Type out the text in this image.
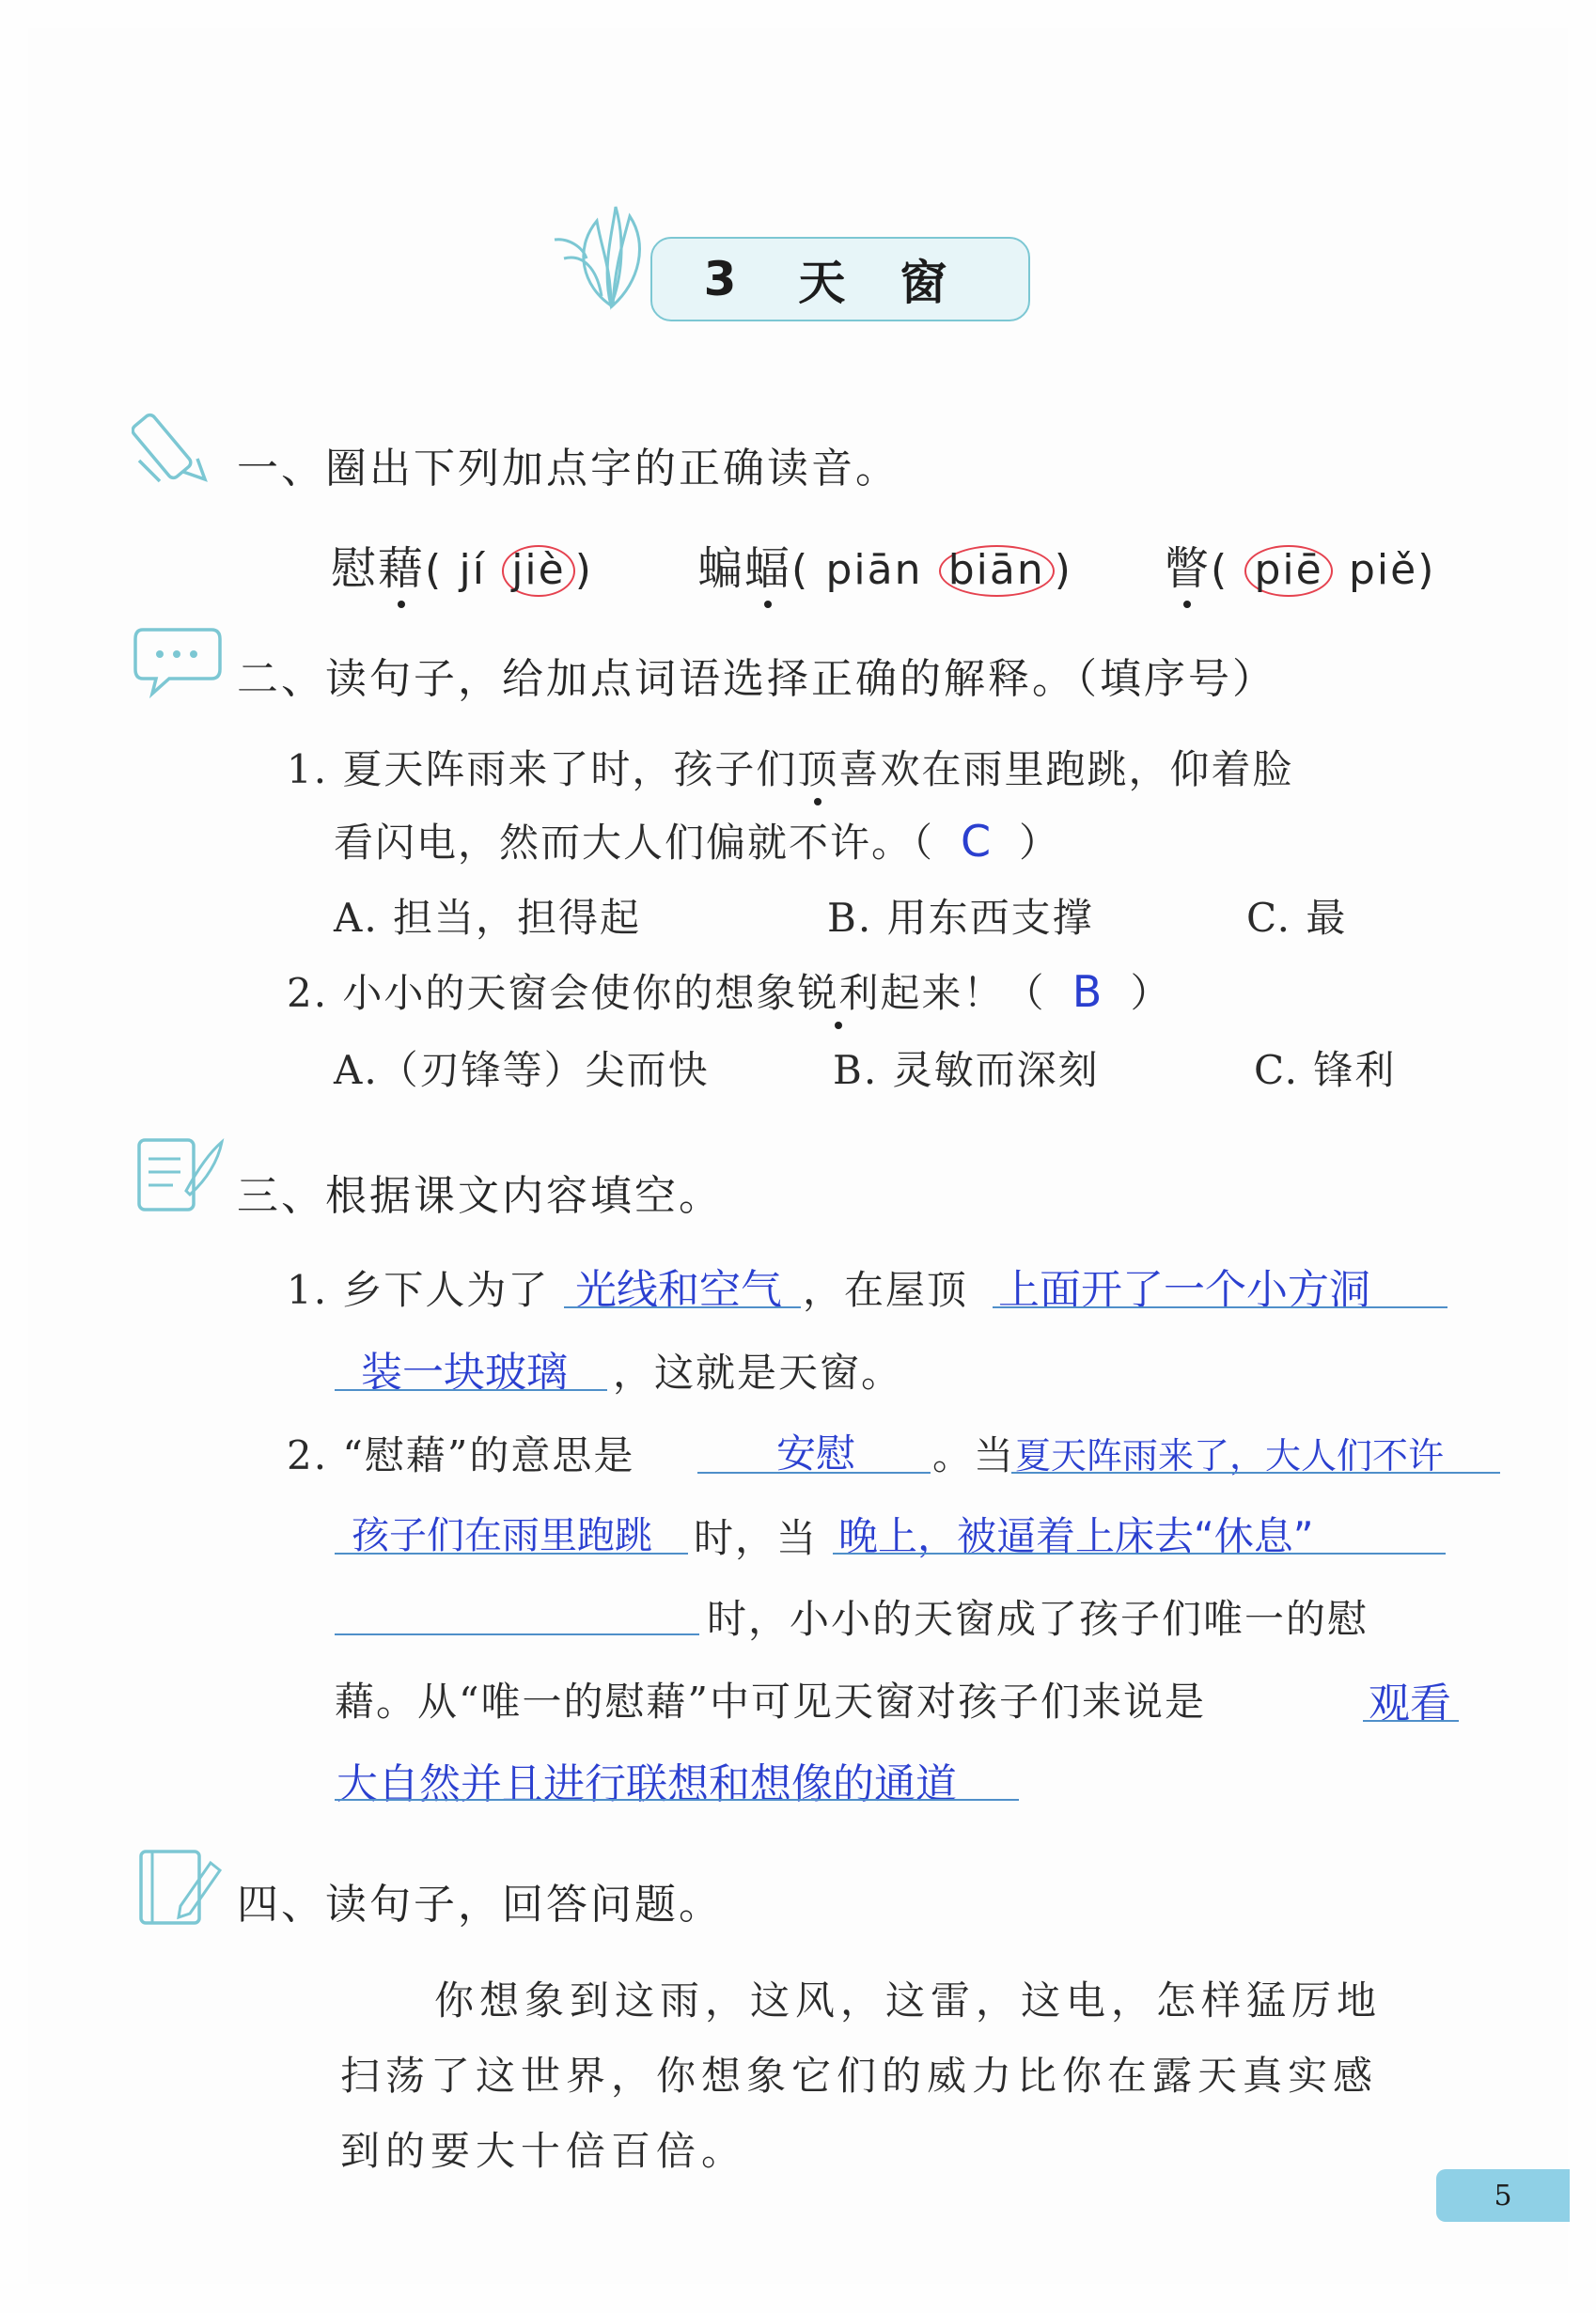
3 天 窗
一、圈出下列加点字的正确读音。
慰藉( jí jiè ) 蝙蝠( piān biān ) 瞥( piē piě)
二、读句子，给加点词语选择正确的解释。（填序号）
1. 夏天阵雨来了时，孩子们顶喜欢在雨里跑跳，仰着脸
看闪电，然而大人们偏就不许。（ C ）
A. 担当，担得起	B. 用东西支撑	C. 最
2. 小小的天窗会使你的想象锐利起来！（ B ）
A.（刃锋等）尖而快	B. 灵敏而深刻	C. 锋利
三、根据课文内容填空。
1. 乡下人为了 光线和空气 ，在屋顶 上面开了一个小方洞
装一块玻璃 ，这就是天窗。
2. “慰藉”的意思是	安慰 。当 夏天阵雨来了，大人们不许
孩子们在雨里跑跳 时，当 晚上，被逼着上床去“休息”
时，小小的天窗成了孩子们唯一的慰
藉。从“唯一的慰藉”中可见天窗对孩子们来说是	观看
大自然并且进行联想和想像的通道
四、读句子，回答问题。
你想象到这雨，这风，这雷，这电，怎样猛厉地
扫荡了这世界，你想象它们的威力比你在露天真实感
到的要大十倍百倍。
5
